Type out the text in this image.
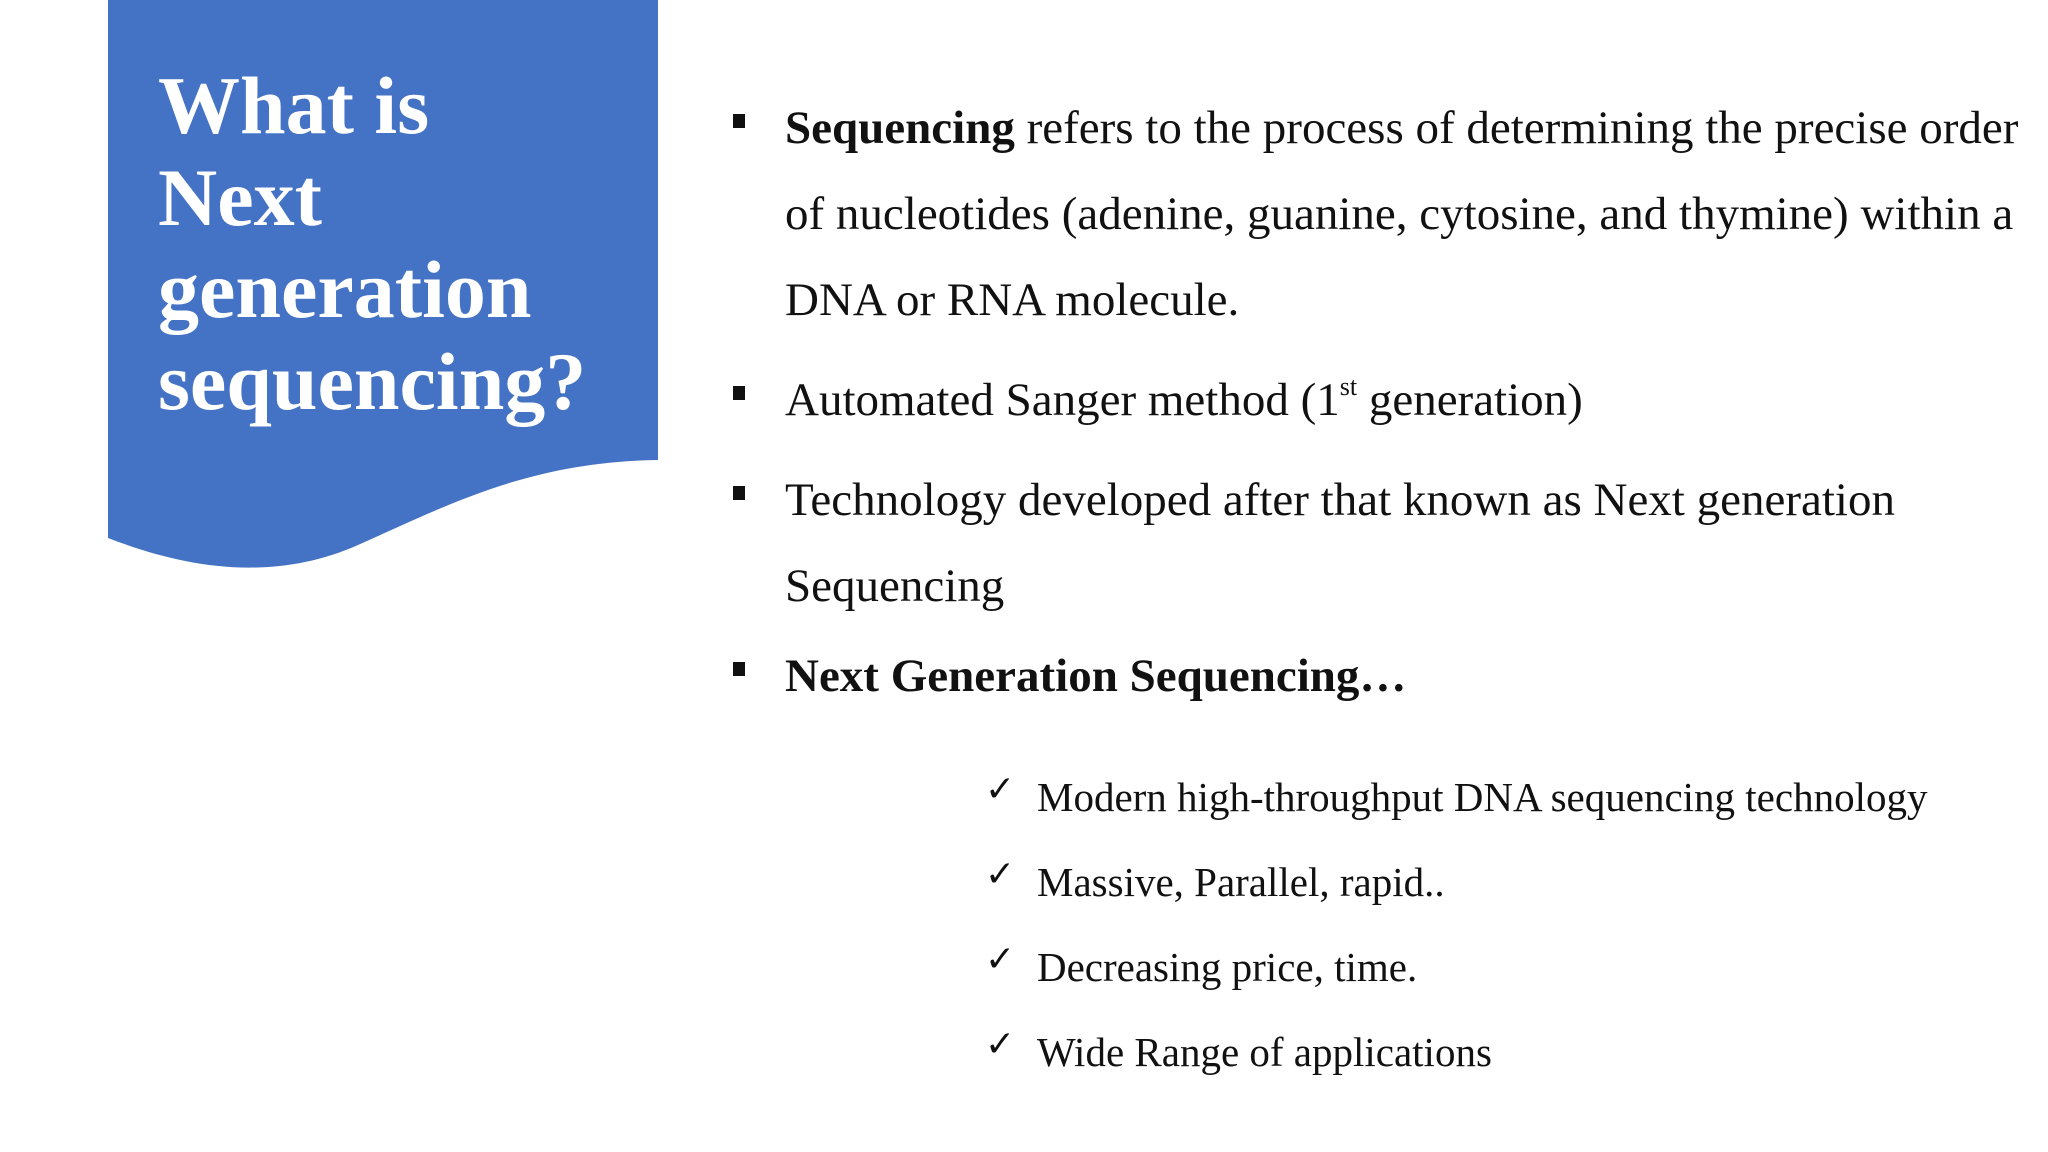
What is
Next
generation
sequencing?
Sequencing refers to the process of determining the precise order of nucleotides (adenine, guanine, cytosine, and thymine) within a DNA or RNA molecule.
Automated Sanger method (1st generation)
Technology developed after that known as Next generation Sequencing
Next Generation Sequencing…
✓ Modern high-throughput DNA sequencing technology
✓ Massive, Parallel, rapid..
✓ Decreasing price, time.
✓ Wide Range of applications
